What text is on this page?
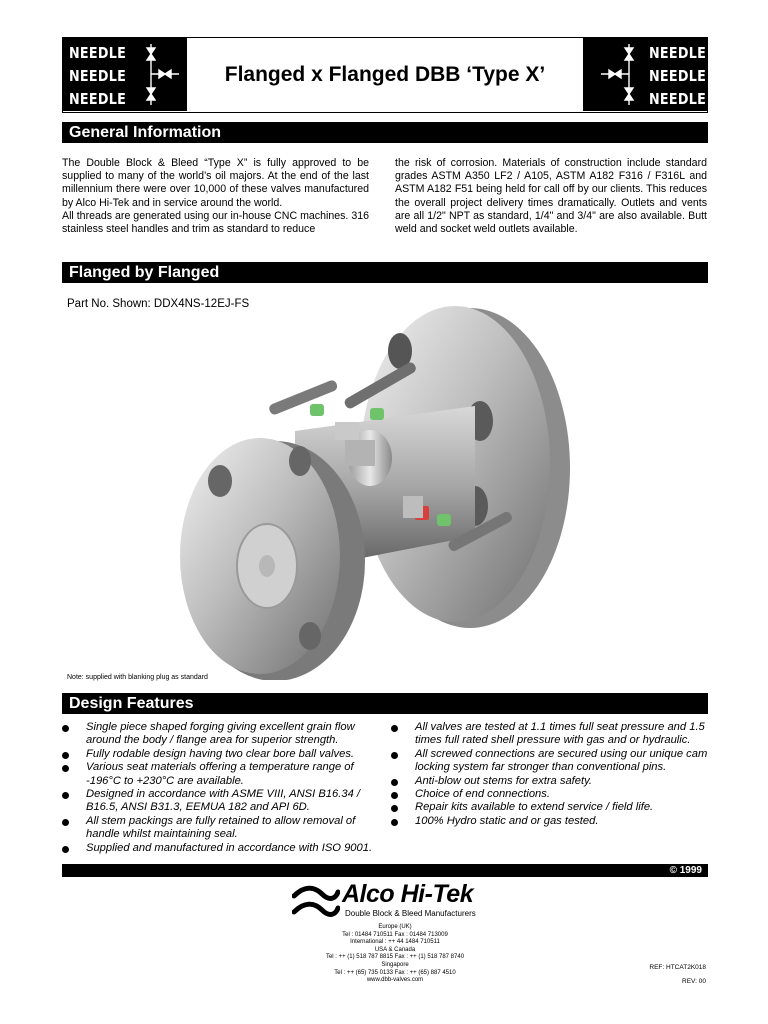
NEEDLE
NEEDLE
NEEDLE
Flanged x Flanged DBB ‘Type X’
NEEDLE
NEEDLE
NEEDLE
General Information

The Double Block & Bleed “Type X” is fully approved to be supplied to many of the world’s oil majors. At the end of the last millennium there were over 10,000 of these valves manufactured by Alco Hi-Tek and in service around the world.

All threads are generated using our in-house CNC machines. 316 stainless steel handles and trim as standard to reduce

the risk of corrosion. Materials of construction include standard grades ASTM A350 LF2 / A105, ASTM A182 F316 / F316L and ASTM A182 F51 being held for call off by our clients. This reduces the overall project delivery times dramatically. Outlets and vents are all 1/2" NPT as standard, 1/4" and 3/4" are also available. Butt weld and socket weld outlets available.

Flanged by Flanged
Part No. Shown: DDX4NS-12EJ-FS
Note: supplied with blanking plug as standard
Design Features
Single piece shaped forging giving excellent grain flow around the body / flange area for superior strength.
Fully rodable design having two clear bore ball valves.
Various seat materials offering a temperature range of -196°C to +230°C are available.
Designed in accordance with ASME VIII, ANSI B16.34 / B16.5, ANSI B31.3, EEMUA 182 and API 6D.
All stem packings are fully retained to allow removal of handle whilst maintaining seal.
Supplied and manufactured in accordance with ISO 9001.
All valves are tested at 1.1 times full seat pressure and 1.5 times full rated shell pressure with gas and or hydraulic.
All screwed connections are secured using our unique cam locking system far stronger than conventional pins.
Anti-blow out stems for extra safety.
Choice of end connections.
Repair kits available to extend service / field life.
100% Hydro static and or gas tested.
© 1999
Alco Hi-Tek
Double Block & Bleed Manufacturers
Europe (UK)
Tel : 01484 710511 Fax : 01484 713009
International : ++ 44 1484 710511
USA & Canada
Tel : ++ (1) 518 787 8815 Fax : ++ (1) 518 787 8740
Singapore
Tel : ++ (65) 735 0133 Fax : ++ (65) 887 4510
www.dbb-valves.com
REF: HTCAT2K018
REV: 00
